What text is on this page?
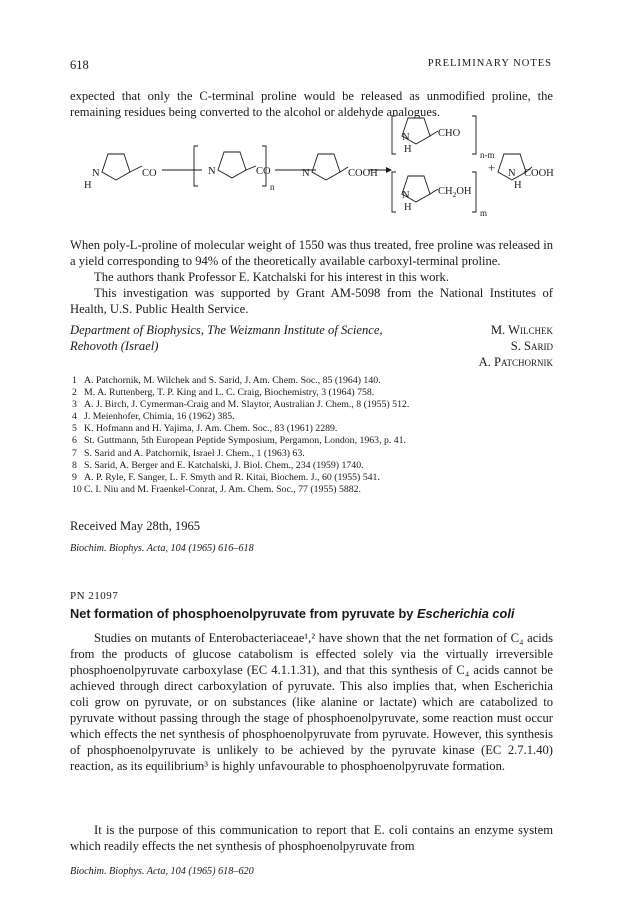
618	PRELIMINARY NOTES

expected that only the C-terminal proline would be released as unmodified proline, the remaining residues being converted to the alcohol or aldehyde analogues.

N
H
CO	N	CO
n
N	COOH
N
H
CHO
n-m
N
H
$CH_2OH$
m
+ N
H
COOH

When poly-L-proline of molecular weight of 1550 was thus treated, free proline was released in a yield corresponding to 94% of the theoretically available carboxyl-terminal proline.

The authors thank Professor E. Katchalski for his interest in this work.

This investigation was supported by Grant AM-5098 from the National Institutes of Health, U.S. Public Health Service.

Department of Biophysics, The Weizmann Institute of Science,
Rehovoth (Israel)
M. Wilchek
S. Sarid
A. Patchornik
1 A. Patchornik, M. Wilchek and S. Sarid, J. Am. Chem. Soc., 85 (1964) 140.
2 M. A. Ruttenberg, T. P. King and L. C. Craig, Biochemistry, 3 (1964) 758.
3 A. J. Birch, J. Cymerman-Craig and M. Slaytor, Australian J. Chem., 8 (1955) 512.
4 J. Meienhofer, Chimia, 16 (1962) 385.
5 K. Hofmann and H. Yajima, J. Am. Chem. Soc., 83 (1961) 2289.
6 St. Guttmann, 5th European Peptide Symposium, Pergamon, London, 1963, p. 41.
7 S. Sarid and A. Patchornik, Israel J. Chem., 1 (1963) 63.
8 S. Sarid, A. Berger and E. Katchalski, J. Biol. Chem., 234 (1959) 1740.
9 A. P. Ryle, F. Sanger, L. F. Smyth and R. Kitai, Biochem. J., 60 (1955) 541.
10 C. I. Niu and M. Fraenkel-Conrat, J. Am. Chem. Soc., 77 (1955) 5882.
Received May 28th, 1965
Biochim. Biophys. Acta, 104 (1965) 616–618
PN 21097
Net formation of phosphoenolpyruvate from pyruvate by Escherichia coli

Studies on mutants of Enterobacteriaceae¹,² have shown that the net formation of C₄ acids from the products of glucose catabolism is effected solely via the virtually irreversible phosphoenolpyruvate carboxylase (EC 4.1.1.31), and that this synthesis of C₄ acids cannot be achieved through direct carboxylation of pyruvate. This also implies that, when Escherichia coli grow on pyruvate, or on substances (like alanine or lactate) which are catabolized to pyruvate without passing through the stage of phosphoenolpyruvate, some reaction must occur which effects the net synthesis of phosphoenolpyruvate from pyruvate. However, this synthesis of phosphoenolpyruvate is unlikely to be achieved by the pyruvate kinase (EC 2.7.1.40) reaction, as its equilibrium³ is highly unfavourable to phosphoenolpyruvate formation.

It is the purpose of this communication to report that E. coli contains an enzyme system which readily effects the net synthesis of phosphoenolpyruvate from

Biochim. Biophys. Acta, 104 (1965) 618–620
